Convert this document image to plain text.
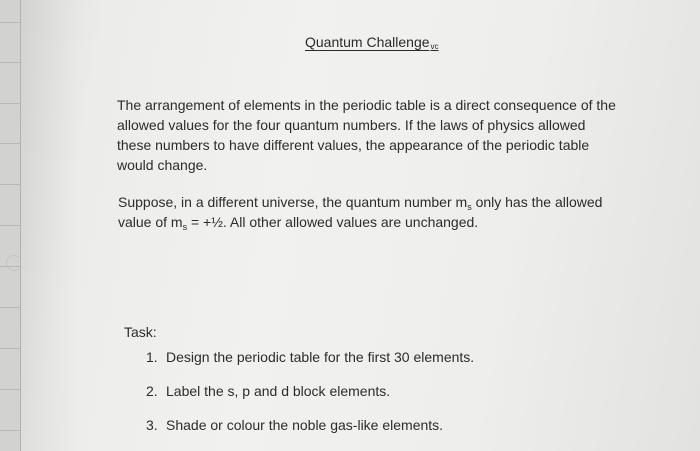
Quantum Challengevc
The arrangement of elements in the periodic table is a direct consequence of the
allowed values for the four quantum numbers. If the laws of physics allowed
these numbers to have different values, the appearance of the periodic table
would change.
Suppose, in a different universe, the quantum number $m_s$ only has the allowed
value of $m_s$ = +½. All other allowed values are unchanged.
Task:
1. Design the periodic table for the first 30 elements.
2. Label the s, p and d block elements.
3. Shade or colour the noble gas-like elements.
